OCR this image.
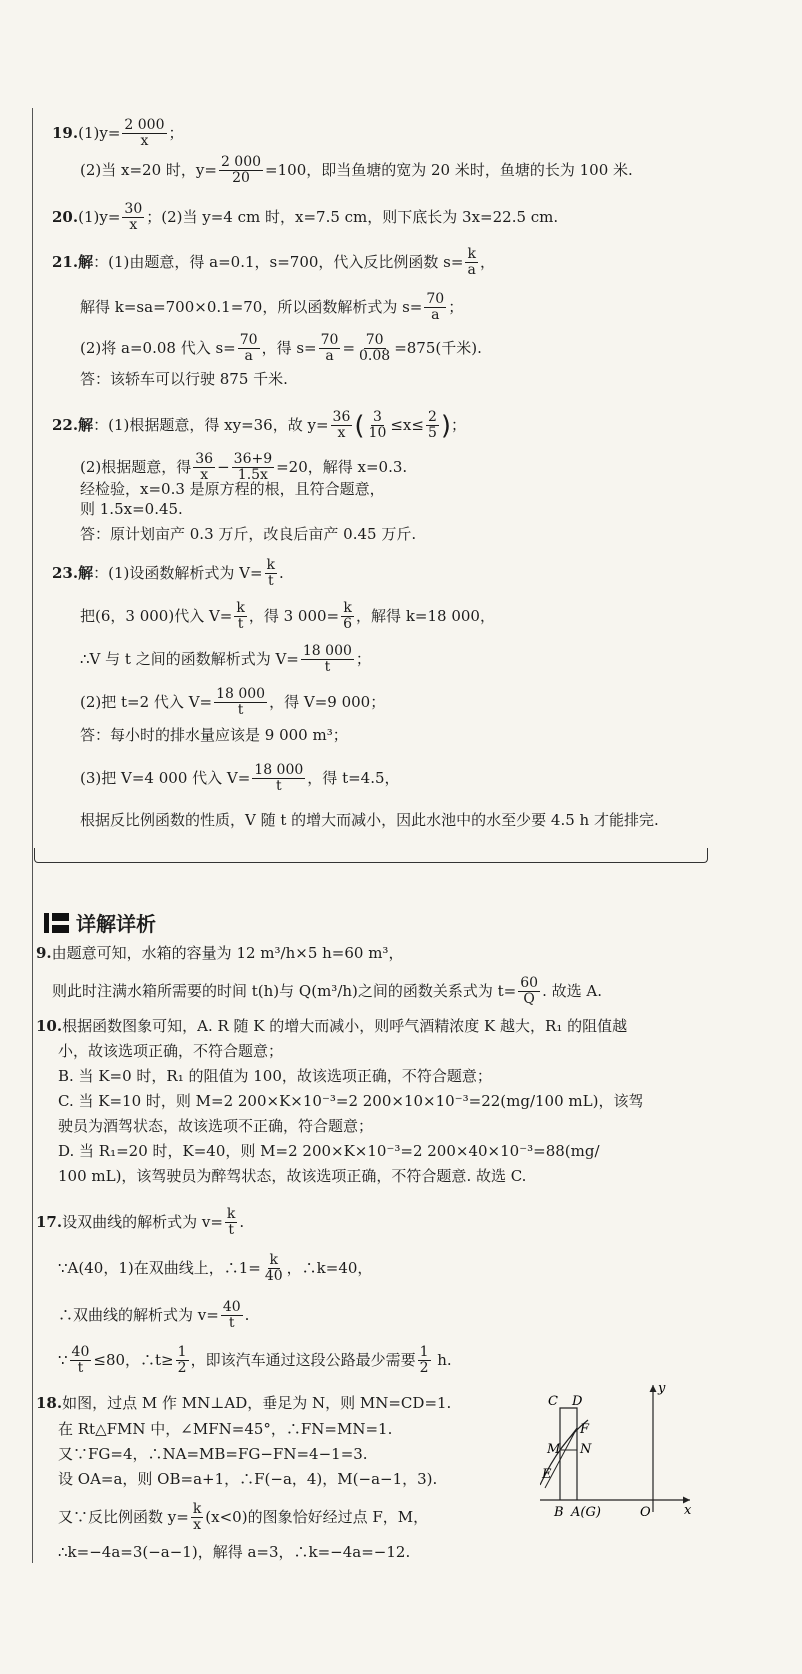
$19.(1)y= \frac{2 000}{x}$ ；
(2)当 x=20 时，$y= \frac{2 000}{20} =100$，即当鱼塘的宽为 20 米时，鱼塘的长为 100 米.
$20.(1)y= \frac{30}{x}$ ；(2)当 y=4 cm 时，x=7.5 cm，则下底长为 3x=22.5 cm.
21.解：(1)由题意，得 a=0.1，s=700，代入反比例函数 $s= \frac{k}{a}$ ，
解得 k=sa=700×0.1=70，所以函数解析式为 $s= \frac{70}{a}$ ；
(2)将 a=0.08 代入 $s= \frac{70}{a}$ ，得 $s= \frac{70}{a} = \frac{70}{0.08} =875$(千米).
答：该轿车可以行驶 875 千米.
22.解：(1)根据题意，得 xy=36，故 $y= \frac{36}{x}$ ( $\frac{3}{10} \le x\le \frac{2}{5}$ )；
(2)根据题意，得 $\frac{36}{x} - \frac{36+9}{1.5x} =20$，解得 x=0.3.
经检验，x=0.3 是原方程的根，且符合题意，
则 1.5x=0.45.
答：原计划亩产 0.3 万斤，改良后亩产 0.45 万斤.
23.解：(1)设函数解析式为 $V= \frac{k}{t}$ .
把(6，3 000)代入 $V= \frac{k}{t}$ ，得 3 $000= \frac{k}{6}$ ，解得 k=18 000，
∴V 与 t 之间的函数解析式为 $V= \frac{18 000}{t}$ ；
(2)把 t=2 代入 $V= \frac{18 000}{t}$ ，得 V=9 000；
答：每小时的排水量应该是 9 000 m³；
(3)把 V=4 000 代入 $V= \frac{18 000}{t}$ ，得 t=4.5，
根据反比例函数的性质，V 随 t 的增大而减小，因此水池中的水至少要 4.5 h 才能排完.
详解详析
9.由题意可知，水箱的容量为 12 m³/h×5 h=60 m³，
则此时注满水箱所需要的时间 t(h)与 Q(m³/h)之间的函数关系式为 $t= \frac{60}{Q}$ . 故选 A.
10.根据函数图象可知，A. R 随 K 的增大而减小，则呼气酒精浓度 K 越大，R₁ 的阻值越
小，故该选项正确，不符合题意；
B. 当 K=0 时，R₁ 的阻值为 100，故该选项正确，不符合题意；
C. 当 K=10 时，则 M=2 200×K×10⁻³=2 200×10×10⁻³=22(mg/100 mL)，该驾
驶员为酒驾状态，故该选项不正确，符合题意；
D. 当 R₁=20 时，K=40，则 M=2 200×K×10⁻³=2 200×40×10⁻³=88(mg/
100 mL)，该驾驶员为醉驾状态，故该选项正确，不符合题意. 故选 C.
17.设双曲线的解析式为 $v= \frac{k}{t}$ .
∵A(40，1)在双曲线上，∴1= $\frac{k}{40}$ ，∴k=40，
∴双曲线的解析式为 $v= \frac{40}{t}$ .
∵ $\frac{40}{t} \le 80$，∴t≥ $\frac{1}{2}$ ，即该汽车通过这段公路最少需要 $\frac{1}{2} h$.
18.如图，过点 M 作 MN⊥AD，垂足为 N，则 MN=CD=1.
在 Rt△FMN 中，∠MFN=45°，∴FN=MN=1.
又∵FG=4，∴NA=MB=FG−FN=4−1=3.
设 OA=a，则 OB=a+1，∴F(−a，4)，M(−a−1，3).
又∵反比例函数 $y= \frac{k}{x} (x<0)$的图象恰好经过点 F，M，
∴k=−4a=3(−a−1)，解得 a=3，∴k=−4a=−12.
C D
F
M N
E
B A(G)	O	x
y
